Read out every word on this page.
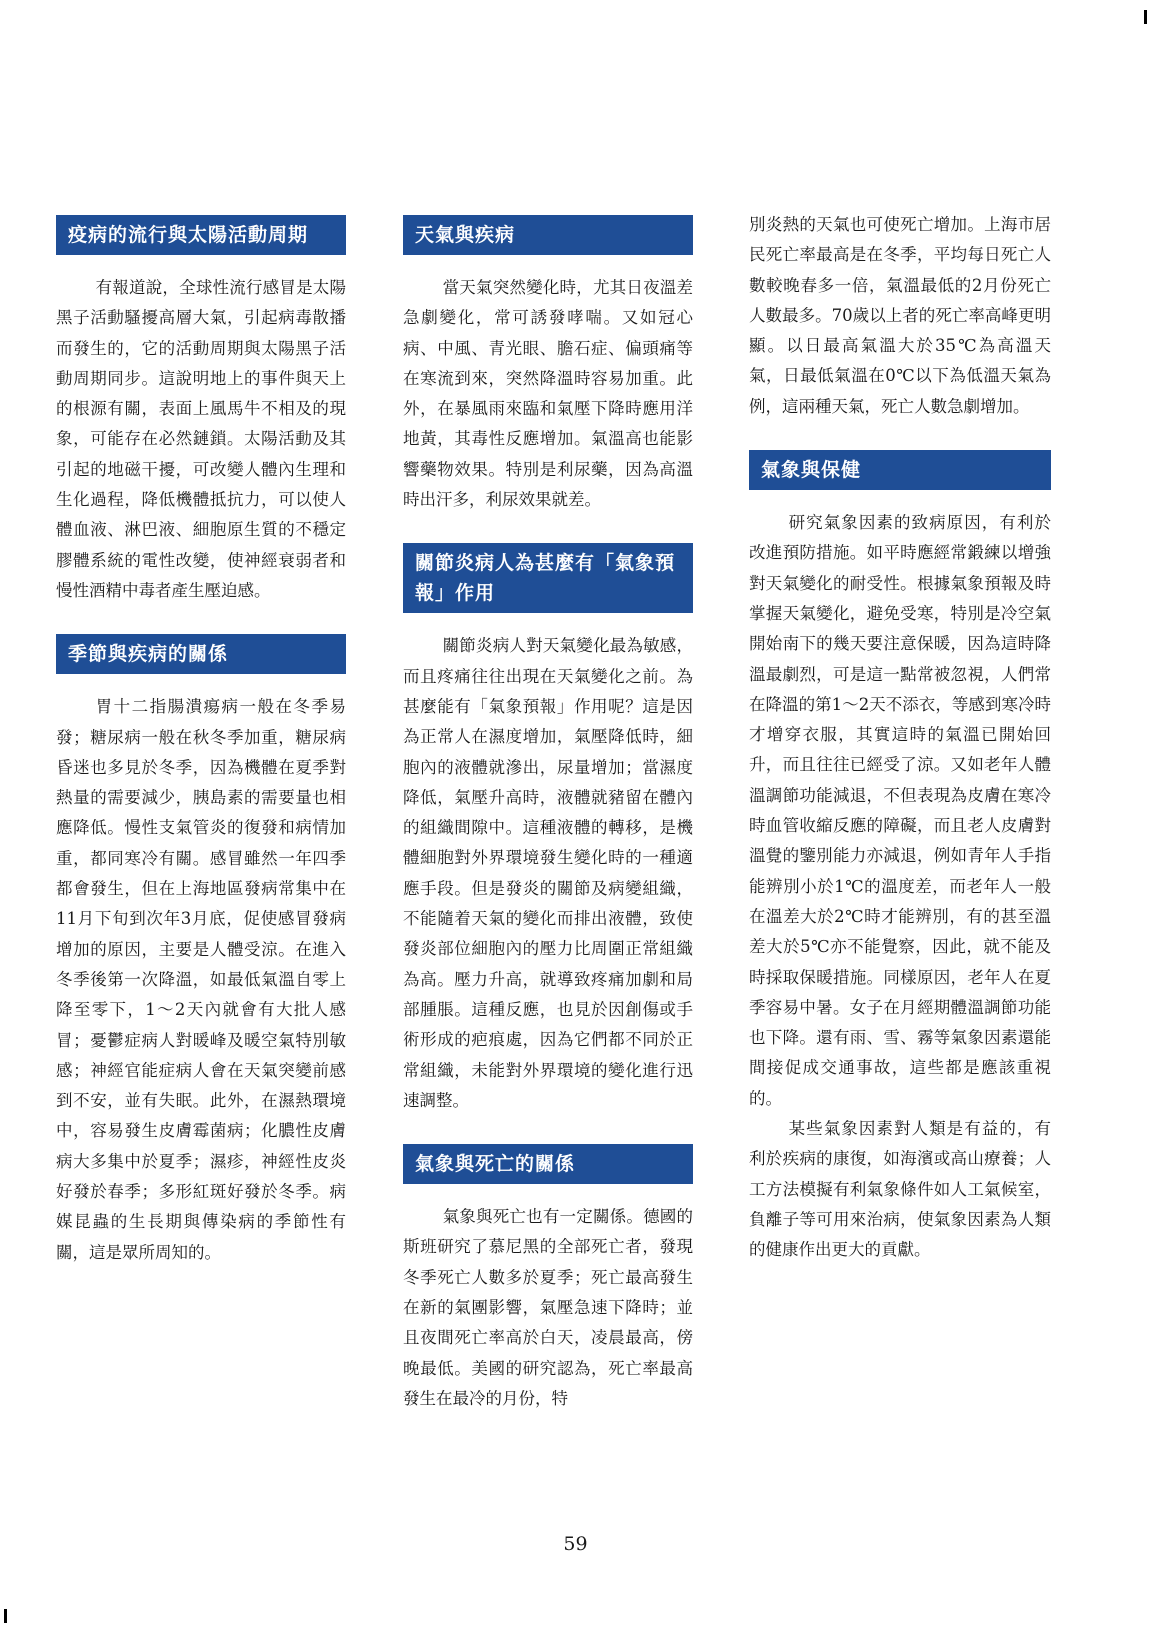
疫病的流行與太陽活動周期

有報道說，全球性流行感冒是太陽黑子活動騷擾高層大氣，引起病毒散播而發生的，它的活動周期與太陽黑子活動周期同步。這說明地上的事件與天上的根源有關，表面上風馬牛不相及的現象，可能存在必然鏈鎖。太陽活動及其引起的地磁干擾，可改變人體內生理和生化過程，降低機體抵抗力，可以使人體血液、淋巴液、細胞原生質的不穩定膠體系統的電性改變，使神經衰弱者和慢性酒精中毒者產生壓迫感。

季節與疾病的關係

胃十二指腸潰瘍病一般在冬季易發；糖尿病一般在秋冬季加重，糖尿病昏迷也多見於冬季，因為機體在夏季對熱量的需要減少，胰島素的需要量也相應降低。慢性支氣管炎的復發和病情加重，都同寒冷有關。感冒雖然一年四季都會發生，但在上海地區發病常集中在11月下旬到次年3月底，促使感冒發病增加的原因，主要是人體受涼。在進入冬季後第一次降溫，如最低氣溫自零上降至零下，1～2天內就會有大批人感冒；憂鬱症病人對暖峰及暖空氣特別敏感；神經官能症病人會在天氣突變前感到不安，並有失眠。此外，在濕熱環境中，容易發生皮膚霉菌病；化膿性皮膚病大多集中於夏季；濕疹，神經性皮炎好發於春季；多形紅斑好發於冬季。病媒昆蟲的生長期與傳染病的季節性有關，這是眾所周知的。

天氣與疾病

當天氣突然變化時，尤其日夜溫差急劇變化，常可誘發哮喘。又如冠心病、中風、青光眼、膽石症、偏頭痛等在寒流到來，突然降溫時容易加重。此外，在暴風雨來臨和氣壓下降時應用洋地黃，其毒性反應增加。氣溫高也能影響藥物效果。特別是利尿藥，因為高溫時出汗多，利尿效果就差。

關節炎病人為甚麼有「氣象預報」作用

關節炎病人對天氣變化最為敏感，而且疼痛往往出現在天氣變化之前。為甚麼能有「氣象預報」作用呢？這是因為正常人在濕度增加，氣壓降低時，細胞內的液體就滲出，尿量增加；當濕度降低，氣壓升高時，液體就豬留在體內的組織間隙中。這種液體的轉移，是機體細胞對外界環境發生變化時的一種適應手段。但是發炎的關節及病變組織，不能隨着天氣的變化而排出液體，致使發炎部位細胞內的壓力比周圍正常組織為高。壓力升高，就導致疼痛加劇和局部腫脹。這種反應，也見於因創傷或手術形成的疤痕處，因為它們都不同於正常組織，未能對外界環境的變化進行迅速調整。

氣象與死亡的關係

氣象與死亡也有一定關係。德國的斯班研究了慕尼黑的全部死亡者，發現冬季死亡人數多於夏季；死亡最高發生在新的氣團影響，氣壓急速下降時；並且夜間死亡率高於白天，凌晨最高，傍晚最低。美國的研究認為，死亡率最高發生在最冷的月份，特

別炎熱的天氣也可使死亡增加。上海市居民死亡率最高是在冬季，平均每日死亡人數較晚春多一倍，氣溫最低的2月份死亡人數最多。70歲以上者的死亡率高峰更明顯。以日最高氣溫大於35℃為高溫天氣，日最低氣溫在0℃以下為低溫天氣為例，這兩種天氣，死亡人數急劇增加。

氣象與保健

研究氣象因素的致病原因，有利於改進預防措施。如平時應經常鍛練以增強對天氣變化的耐受性。根據氣象預報及時掌握天氣變化，避免受寒，特別是冷空氣開始南下的幾天要注意保暖，因為這時降溫最劇烈，可是這一點常被忽視，人們常在降溫的第1～2天不添衣，等感到寒冷時才增穿衣服，其實這時的氣溫已開始回升，而且往往已經受了涼。又如老年人體溫調節功能減退，不但表現為皮膚在寒冷時血管收縮反應的障礙，而且老人皮膚對溫覺的鑒別能力亦減退，例如青年人手指能辨別小於1℃的溫度差，而老年人一般在溫差大於2℃時才能辨別，有的甚至溫差大於5℃亦不能覺察，因此，就不能及時採取保暖措施。同樣原因，老年人在夏季容易中暑。女子在月經期體溫調節功能也下降。還有雨、雪、霧等氣象因素還能間接促成交通事故，這些都是應該重視的。

某些氣象因素對人類是有益的，有利於疾病的康復，如海濱或高山療養；人工方法模擬有利氣象條件如人工氣候室，負離子等可用來治病，使氣象因素為人類的健康作出更大的貢獻。

59
